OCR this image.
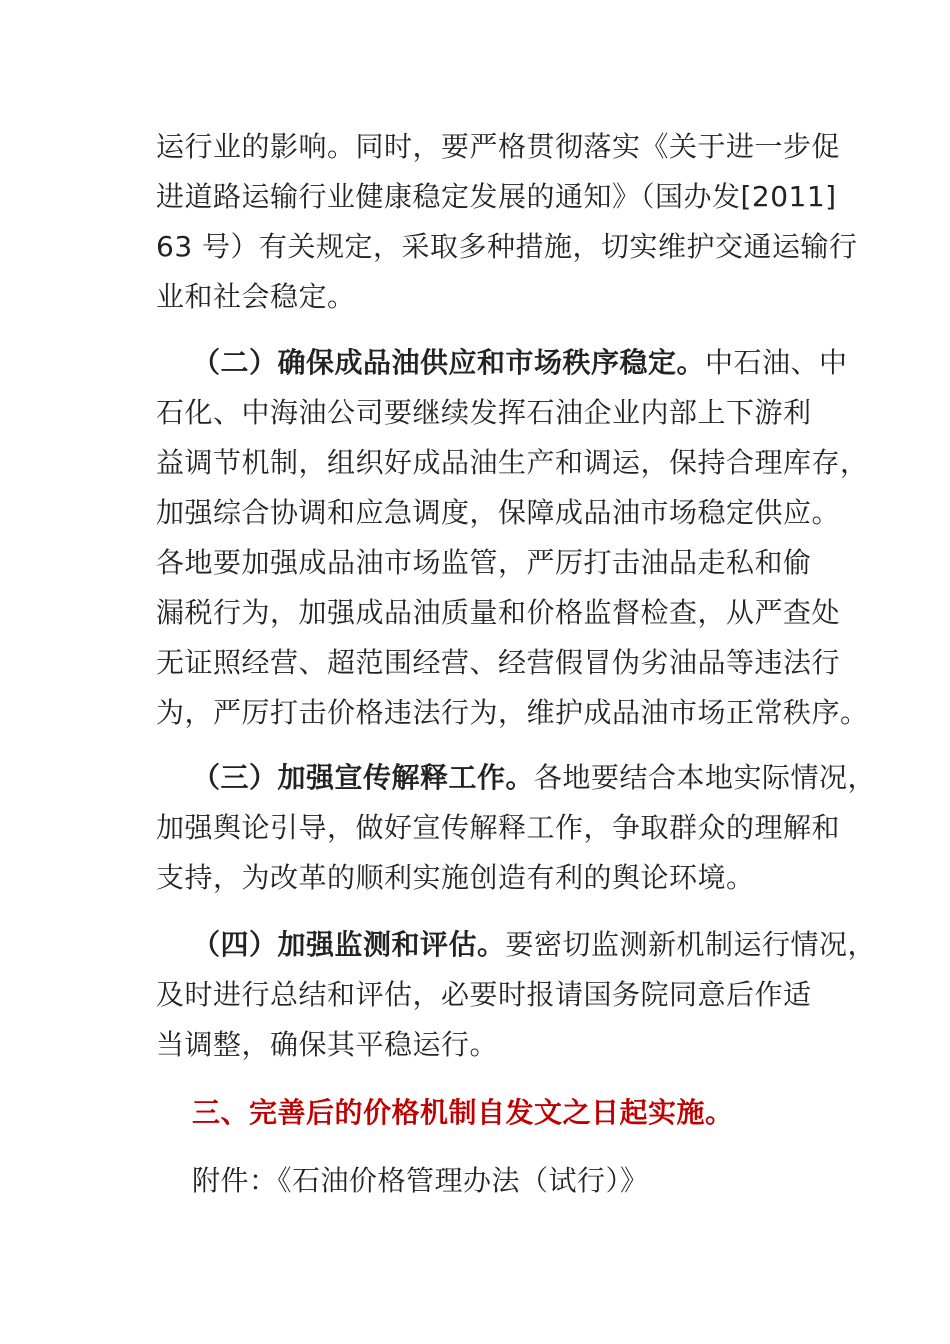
运行业的影响。同时，要严格贯彻落实《关于进一步促
进道路运输行业健康稳定发展的通知》（国办发[2011]
63 号）有关规定，采取多种措施，切实维护交通运输行
业和社会稳定。

（二）确保成品油供应和市场秩序稳定。中石油、中
石化、中海油公司要继续发挥石油企业内部上下游利
益调节机制，组织好成品油生产和调运，保持合理库存，
加强综合协调和应急调度，保障成品油市场稳定供应。
各地要加强成品油市场监管，严厉打击油品走私和偷
漏税行为，加强成品油质量和价格监督检查，从严查处
无证照经营、超范围经营、经营假冒伪劣油品等违法行
为，严厉打击价格违法行为，维护成品油市场正常秩序。

（三）加强宣传解释工作。各地要结合本地实际情况，
加强舆论引导，做好宣传解释工作，争取群众的理解和
支持，为改革的顺利实施创造有利的舆论环境。

（四）加强监测和评估。要密切监测新机制运行情况，
及时进行总结和评估，必要时报请国务院同意后作适
当调整，确保其平稳运行。

三、完善后的价格机制自发文之日起实施。

附件：《石油价格管理办法（试行）》
